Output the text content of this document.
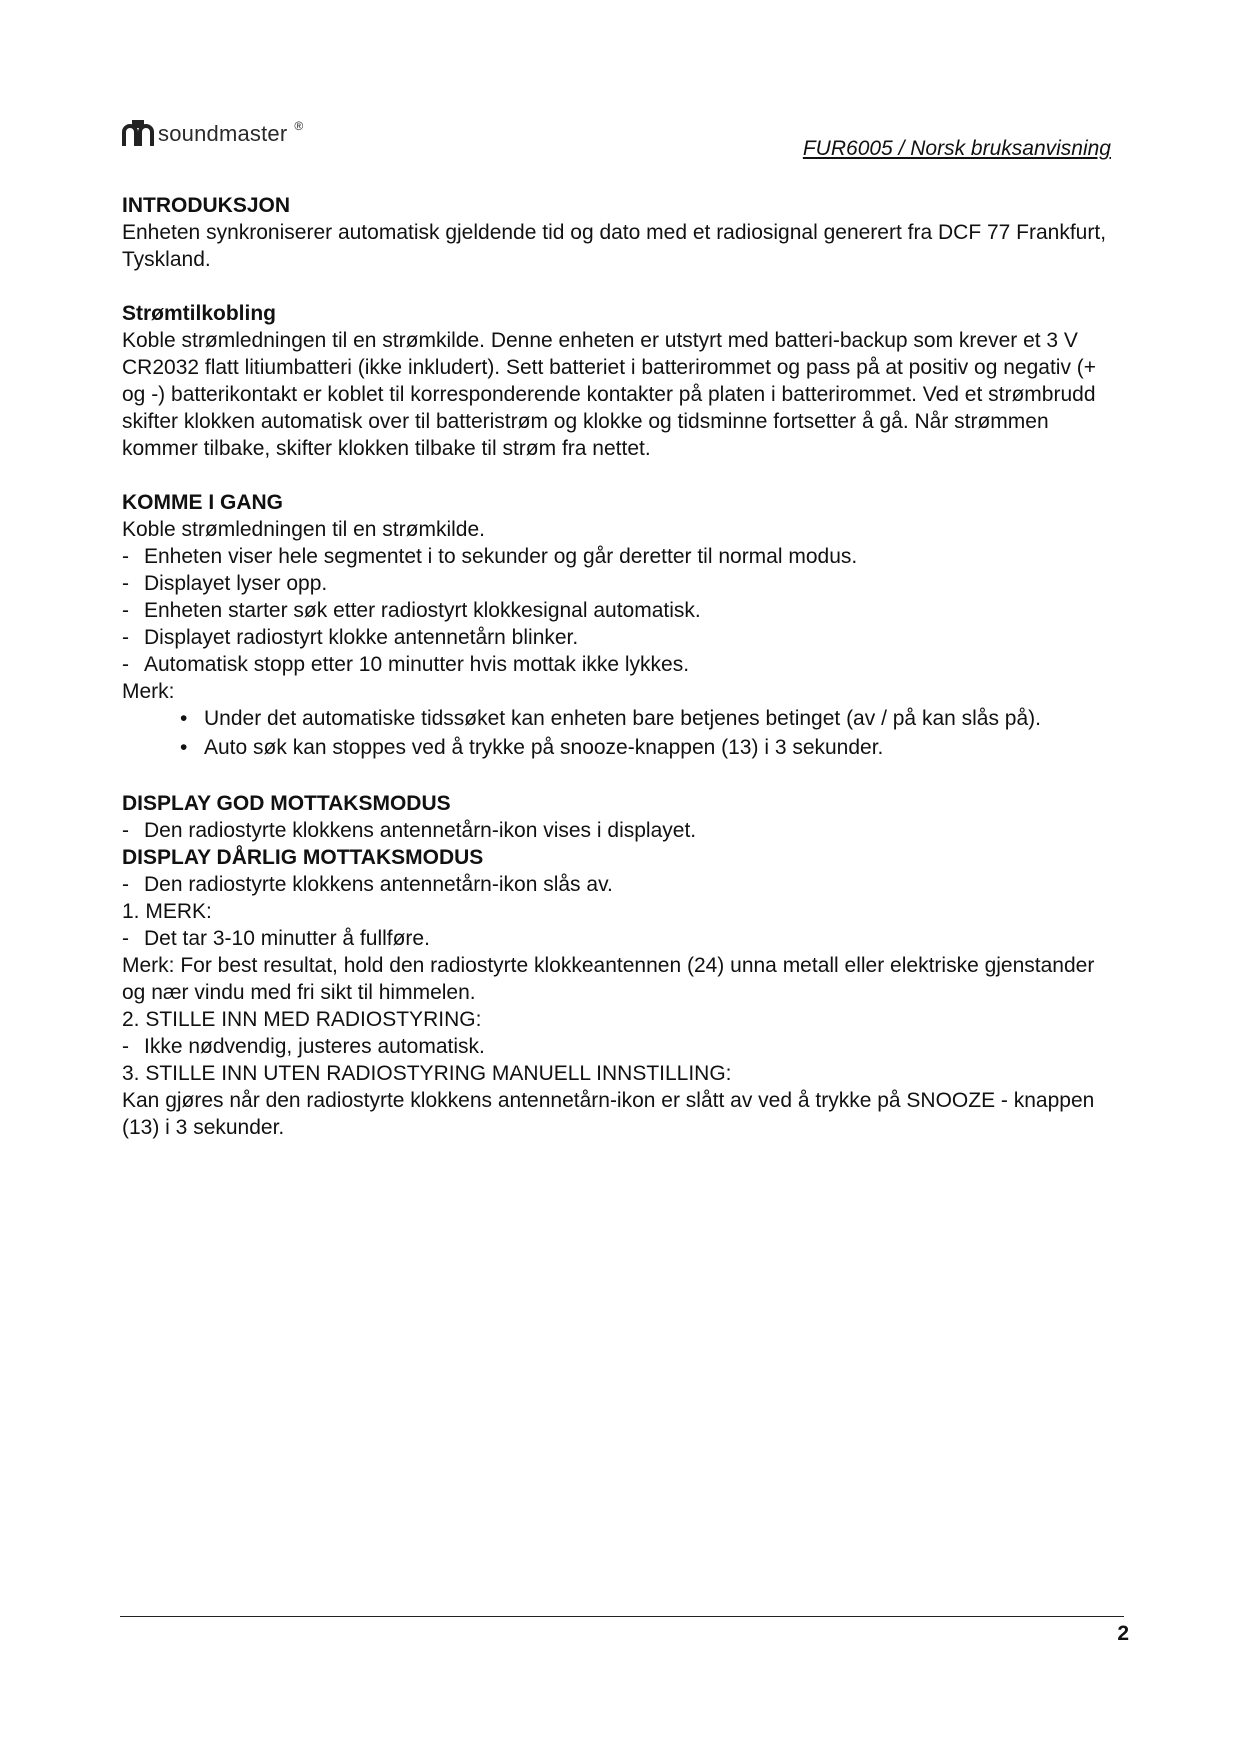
soundmaster ®
FUR6005 / Norsk bruksanvisning

INTRODUKSJON

Enheten synkroniserer automatisk gjeldende tid og dato med et radiosignal generert fra DCF 77 Frankfurt, Tyskland.

Strømtilkobling

Koble strømledningen til en strømkilde. Denne enheten er utstyrt med batteri-backup som krever et 3 V CR2032 flatt litiumbatteri (ikke inkludert). Sett batteriet i batterirommet og pass på at positiv og negativ (+ og -) batterikontakt er koblet til korresponderende kontakter på platen i batterirommet. Ved et strømbrudd skifter klokken automatisk over til batteristrøm og klokke og tidsminne fortsetter å gå. Når strømmen kommer tilbake, skifter klokken tilbake til strøm fra nettet.

KOMME I GANG

Koble strømledningen til en strømkilde.

- Enheten viser hele segmentet i to sekunder og går deretter til normal modus.

- Displayet lyser opp.

- Enheten starter søk etter radiostyrt klokkesignal automatisk.

- Displayet radiostyrt klokke antennetårn blinker.

- Automatisk stopp etter 10 minutter hvis mottak ikke lykkes.

Merk:

• Under det automatiske tidssøket kan enheten bare betjenes betinget (av / på kan slås på).
• Auto søk kan stoppes ved å trykke på snooze-knappen (13) i 3 sekunder.

DISPLAY GOD MOTTAKSMODUS

- Den radiostyrte klokkens antennetårn-ikon vises i displayet.

DISPLAY DÅRLIG MOTTAKSMODUS

- Den radiostyrte klokkens antennetårn-ikon slås av.

1. MERK:

- Det tar 3-10 minutter å fullføre.

Merk: For best resultat, hold den radiostyrte klokkeantennen (24) unna metall eller elektriske gjenstander og nær vindu med fri sikt til himmelen.

2. STILLE INN MED RADIOSTYRING:

- Ikke nødvendig, justeres automatisk.

3. STILLE INN UTEN RADIOSTYRING MANUELL INNSTILLING:

Kan gjøres når den radiostyrte klokkens antennetårn-ikon er slått av ved å trykke på SNOOZE - knappen (13) i 3 sekunder.

2
